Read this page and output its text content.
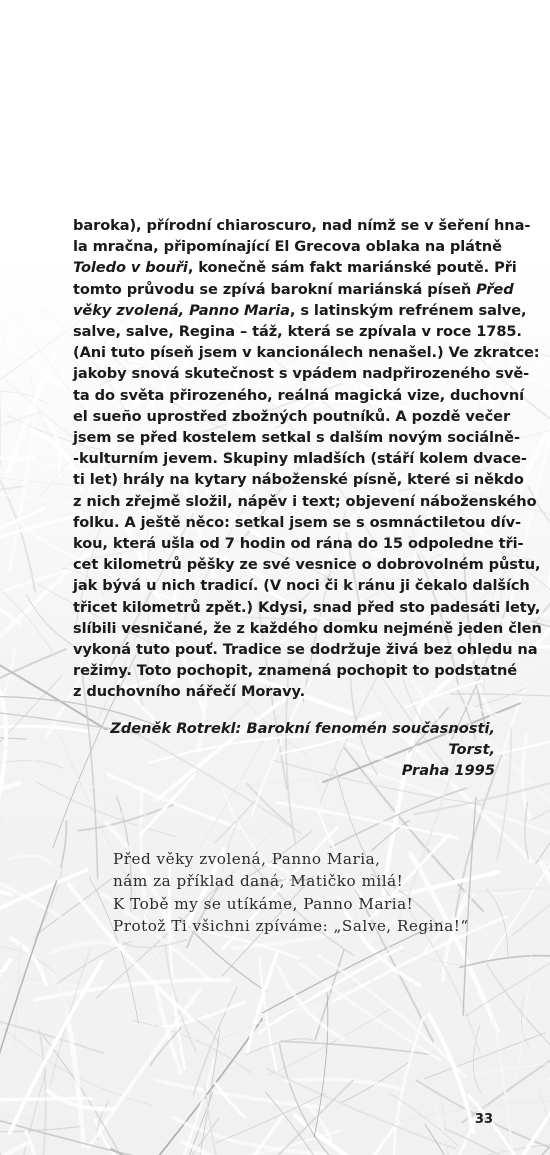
baroka), přírodní chiaroscuro, nad nímž se v šeření hna-
la mračna, připomínající El Grecova oblaka na plátně
Toledo v bouři, konečně sám fakt mariánské poutě. Při
tomto průvodu se zpívá barokní mariánská píseň Před
věky zvolená, Panno Maria, s latinským refrénem salve,
salve, salve, Regina – táž, která se zpívala v roce 1785.
(Ani tuto píseň jsem v kancionálech nenašel.) Ve zkratce:
jakoby snová skutečnost s vpádem nadpřirozeného svě-
ta do světa přirozeného, reálná magická vize, duchovní
el sueño uprostřed zbožných poutníků. A pozdě večer
jsem se před kostelem setkal s dalším novým sociálně-
-kulturním jevem. Skupiny mladších (stáří kolem dvace-
ti let) hrály na kytary náboženské písně, které si někdo
z nich zřejmě složil, nápěv i text; objevení náboženského
folku. A ještě něco: setkal jsem se s osmnáctiletou dív-
kou, která ušla od 7 hodin od rána do 15 odpoledne tři-
cet kilometrů pěšky ze své vesnice o dobrovolném půstu,
jak bývá u nich tradicí. (V noci či k ránu ji čekalo dalších
třicet kilometrů zpět.) Kdysi, snad před sto padesáti lety,
slíbili vesničané, že z každého domku nejméně jeden člen
vykoná tuto pouť. Tradice se dodržuje živá bez ohledu na
režimy. Toto pochopit, znamená pochopit to podstatné
z duchovního nářečí Moravy.
Zdeněk Rotrekl: Barokní fenomén současnosti, Torst,
Praha 1995
Před věky zvolená, Panno Maria,
nám za příklad daná, Matičko milá!
K Tobě my se utíkáme, Panno Maria!
Protož Ti všichni zpíváme: „Salve, Regina!“
33
